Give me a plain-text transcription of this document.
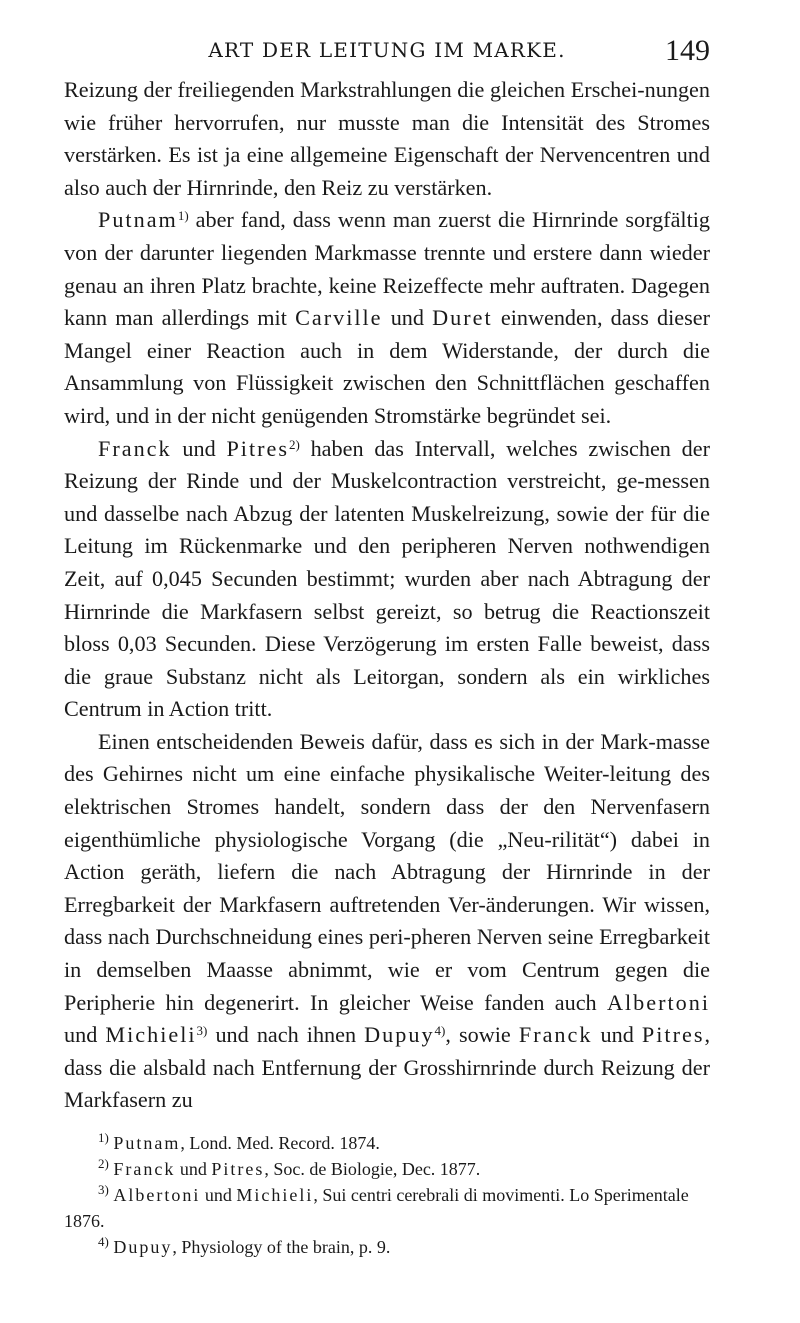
ART DER LEITUNG IM MARKE.	149

Reizung der freiliegenden Markstrahlungen die gleichen Erschei-nungen wie früher hervorrufen, nur musste man die Intensität des Stromes verstärken. Es ist ja eine allgemeine Eigenschaft der Nervencentren und also auch der Hirnrinde, den Reiz zu verstärken.

Putnam$^{1)}$ aber fand, dass wenn man zuerst die Hirnrinde sorgfältig von der darunter liegenden Markmasse trennte und erstere dann wieder genau an ihren Platz brachte, keine Reizeffecte mehr auftraten. Dagegen kann man allerdings mit Carville und Duret einwenden, dass dieser Mangel einer Reaction auch in dem Widerstande, der durch die Ansammlung von Flüssigkeit zwischen den Schnittflächen geschaffen wird, und in der nicht genügenden Stromstärke begründet sei.

Franck und Pitres$^{2)}$ haben das Intervall, welches zwischen der Reizung der Rinde und der Muskelcontraction verstreicht, ge-messen und dasselbe nach Abzug der latenten Muskelreizung, sowie der für die Leitung im Rückenmarke und den peripheren Nerven nothwendigen Zeit, auf 0,045 Secunden bestimmt; wurden aber nach Abtragung der Hirnrinde die Markfasern selbst gereizt, so betrug die Reactionszeit bloss 0,03 Secunden. Diese Verzögerung im ersten Falle beweist, dass die graue Substanz nicht als Leitorgan, sondern als ein wirkliches Centrum in Action tritt.

Einen entscheidenden Beweis dafür, dass es sich in der Mark-masse des Gehirnes nicht um eine einfache physikalische Weiter-leitung des elektrischen Stromes handelt, sondern dass der den Nervenfasern eigenthümliche physiologische Vorgang (die „Neu-rilität“) dabei in Action geräth, liefern die nach Abtragung der Hirnrinde in der Erregbarkeit der Markfasern auftretenden Ver-änderungen. Wir wissen, dass nach Durchschneidung eines peri-pheren Nerven seine Erregbarkeit in demselben Maasse abnimmt, wie er vom Centrum gegen die Peripherie hin degenerirt. In gleicher Weise fanden auch Albertoni und Michieli$^{3)}$ und nach ihnen Dupuy$^{4)}$, sowie Franck und Pitres, dass die alsbald nach Entfernung der Grosshirnrinde durch Reizung der Markfasern zu

$^{1)}$ Putnam, Lond. Med. Record. 1874.

$^{2)}$ Franck und Pitres, Soc. de Biologie, Dec. 1877.

$^{3)}$ Albertoni und Michieli, Sui centri cerebrali di movimenti. Lo Sperimentale 1876.

$^{4)}$ Dupuy, Physiology of the brain, p. 9.
